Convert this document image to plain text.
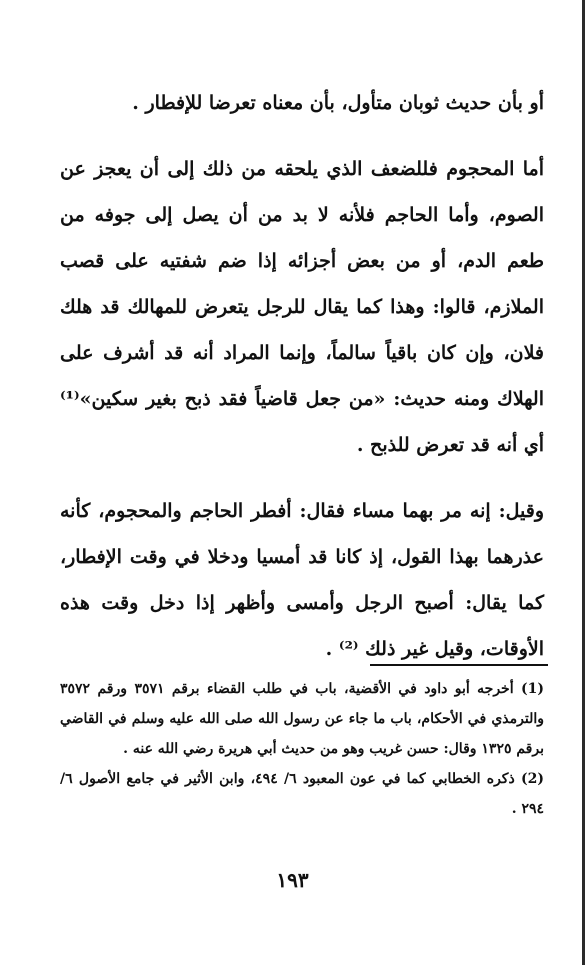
أو بأن حديث ثوبان متأول، بأن معناه تعرضا للإفطار .

أما المحجوم فللضعف الذي يلحقه من ذلك إلى أن يعجز عن الصوم، وأما الحاجم فلأنه لا بد من أن يصل إلى جوفه من طعم الدم، أو من بعض أجزائه إذا ضم شفتيه على قصب الملازم، قالوا: وهذا كما يقال للرجل يتعرض للمهالك قد هلك فلان، وإن كان باقياً سالماً، وإنما المراد أنه قد أشرف على الهلاك ومنه حديث: «من جعل قاضياً فقد ذبح بغير سكين»⁽¹⁾ أي أنه قد تعرض للذبح .

وقيل: إنه مر بهما مساء فقال: أفطر الحاجم والمحجوم، كأنه عذرهما بهذا القول، إذ كانا قد أمسيا ودخلا في وقت الإفطار، كما يقال: أصبح الرجل وأمسى وأظهر إذا دخل وقت هذه الأوقات، وقيل غير ذلك ⁽²⁾ .

(1) أخرجه أبو داود في الأقضية، باب في طلب القضاء برقم ٣٥٧١ ورقم ٣٥٧٢ والترمذي في الأحكام، باب ما جاء عن رسول الله صلى الله عليه وسلم في القاضي برقم ١٣٢٥ وقال: حسن غريب وهو من حديث أبي هريرة رضي الله عنه .

(2) ذكره الخطابي كما في عون المعبود ٦/ ٤٩٤، وابن الأثير في جامع الأصول ٦/ ٢٩٤ .

١٩٣
